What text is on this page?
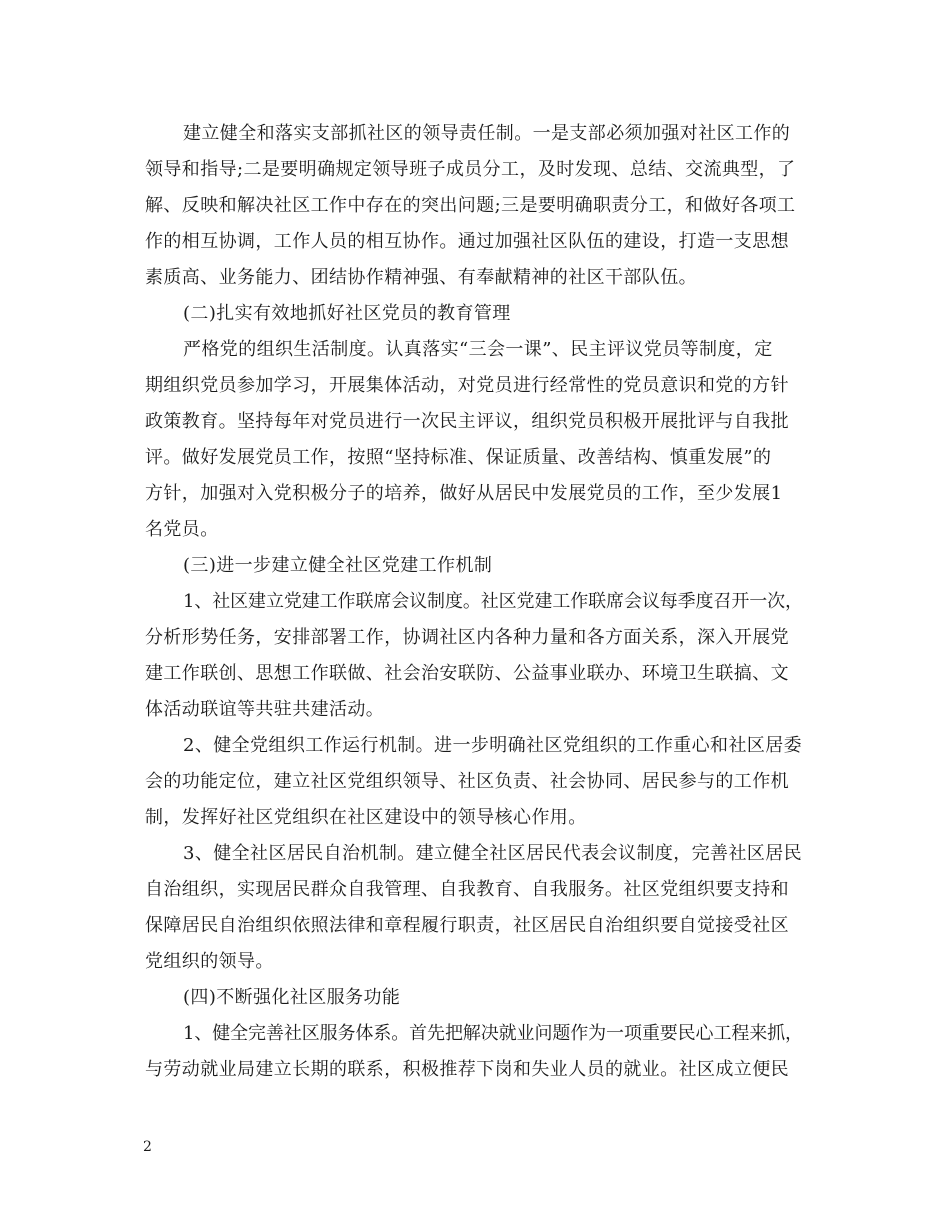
建立健全和落实支部抓社区的领导责任制。一是支部必须加强对社区工作的
领导和指导;二是要明确规定领导班子成员分工，及时发现、总结、交流典型，了
解、反映和解决社区工作中存在的突出问题;三是要明确职责分工，和做好各项工
作的相互协调，工作人员的相互协作。通过加强社区队伍的建设，打造一支思想
素质高、业务能力、团结协作精神强、有奉献精神的社区干部队伍。
(二)扎实有效地抓好社区党员的教育管理
严格党的组织生活制度。认真落实“三会一课”、民主评议党员等制度，定
期组织党员参加学习，开展集体活动，对党员进行经常性的党员意识和党的方针
政策教育。坚持每年对党员进行一次民主评议，组织党员积极开展批评与自我批
评。做好发展党员工作，按照“坚持标准、保证质量、改善结构、慎重发展”的
方针，加强对入党积极分子的培养，做好从居民中发展党员的工作，至少发展1
名党员。
(三)进一步建立健全社区党建工作机制
1、社区建立党建工作联席会议制度。社区党建工作联席会议每季度召开一次，
分析形势任务，安排部署工作，协调社区内各种力量和各方面关系，深入开展党
建工作联创、思想工作联做、社会治安联防、公益事业联办、环境卫生联搞、文
体活动联谊等共驻共建活动。
2、健全党组织工作运行机制。进一步明确社区党组织的工作重心和社区居委
会的功能定位，建立社区党组织领导、社区负责、社会协同、居民参与的工作机
制，发挥好社区党组织在社区建设中的领导核心作用。
3、健全社区居民自治机制。建立健全社区居民代表会议制度，完善社区居民
自治组织，实现居民群众自我管理、自我教育、自我服务。社区党组织要支持和
保障居民自治组织依照法律和章程履行职责，社区居民自治组织要自觉接受社区
党组织的领导。
(四)不断强化社区服务功能
1、健全完善社区服务体系。首先把解决就业问题作为一项重要民心工程来抓，
与劳动就业局建立长期的联系，积极推荐下岗和失业人员的就业。社区成立便民
2
